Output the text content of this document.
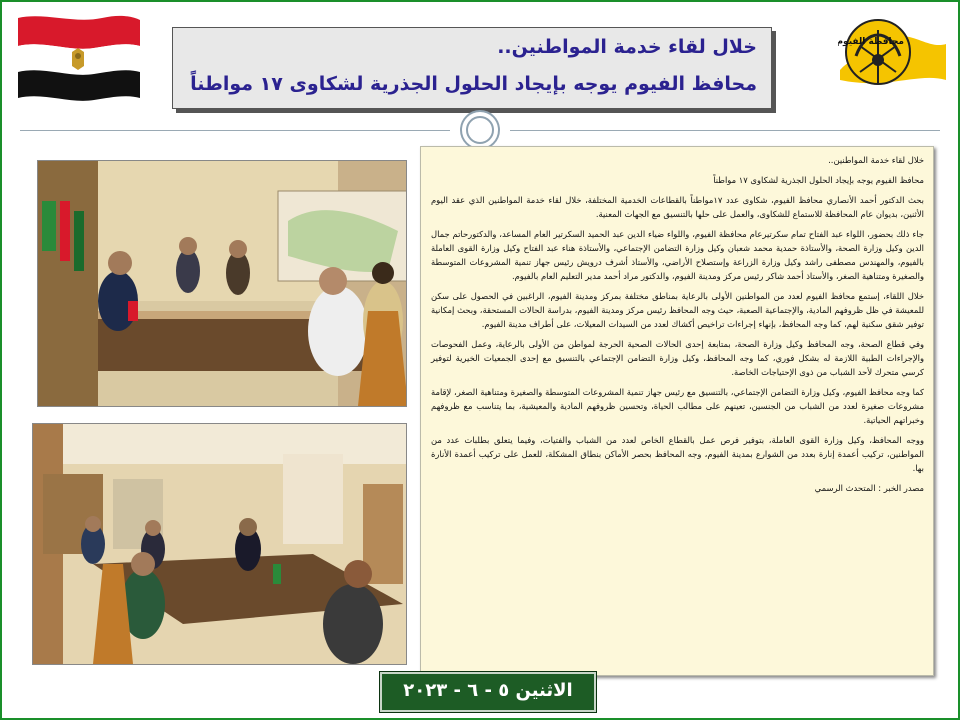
محافظة الفيوم
خلال لقاء خدمة المواطنين..
محافظ الفيوم يوجه بإيجاد الحلول الجذرية لشكاوى ١٧ مواطناً

خلال لقاء خدمة المواطنين..

محافظ الفيوم يوجه بإيجاد الحلول الجذرية لشكاوى ١٧ مواطناً

بحث الدكتور أحمد الأنصاري محافظ الفيوم، شكاوى عدد ١٧مواطناً بالقطاعات الخدمية المختلفة، خلال لقاء خدمة المواطنين الذي عقد اليوم الأثنين، بديوان عام المحافظة للاستماع للشكاوى، والعمل على حلها بالتنسيق مع الجهات المعنية.

جاء ذلك بحضور، اللواء عبد الفتاح تمام سكرتيرعام محافظة الفيوم، واللواء ضياء الدين عبد الحميد السكرتير العام المساعد، والدكتورحاتم جمال الدين وكيل وزارة الصحة، والأستاذة حمدية محمد شعبان وكيل وزارة التضامن الإجتماعي، والأستاذة هناء عبد الفتاح وكيل وزارة القوى العاملة بالفيوم، والمهندس مصطفى راشد وكيل وزارة الزراعة وإستصلاح الأراضي، والأستاذ أشرف درويش رئيس جهاز تنمية المشروعات المتوسطة والصغيرة ومتناهية الصغر، والأستاذ أحمد شاكر رئيس مركز ومدينة الفيوم، والدكتور مراد أحمد مدير التعليم العام بالفيوم.

خلال اللقاء، إستمع محافظ الفيوم لعدد من المواطنين الأولى بالرعاية بمناطق مختلفة بمركز ومدينة الفيوم، الراغبين في الحصول على سكن للمعيشة في ظل ظروفهم المادية، والإجتماعية الصعبة، حيث وجه المحافظ رئيس مركز ومدينة الفيوم، بدراسة الحالات المستحقة، وبحث إمكانية توفير شقق سكنية لهم، كما وجه المحافظ، بإنهاء إجراءات تراخيص أكشاك لعدد من السيدات المعيلات، على أطراف مدينة الفيوم.

وفي قطاع الصحة، وجه المحافظ وكيل وزارة الصحة، بمتابعة إحدى الحالات الصحية الحرجة لمواطن من الأولى بالرعاية، وعمل الفحوصات والإجراءات الطبية اللازمة له بشكل فوري، كما وجه المحافظ، وكيل وزارة التضامن الإجتماعي بالتنسيق مع إحدى الجمعيات الخيرية لتوفير كرسي متحرك لأحد الشباب من ذوى الإحتياجات الخاصة.

كما وجه محافظ الفيوم، وكيل وزارة التضامن الإجتماعي، بالتنسيق مع رئيس جهاز تنمية المشروعات المتوسطة والصغيرة ومتناهية الصغر، لإقامة مشروعات صغيرة لعدد من الشباب من الجنسين، تعينهم على مطالب الحياة، وتحسين ظروفهم المادية والمعيشية، بما يتناسب مع ظروفهم وخبراتهم الحياتية.

ووجه المحافظ، وكيل وزارة القوى العاملة، بتوفير فرص عمل بالقطاع الخاص لعدد من الشباب والفتيات، وفيما يتعلق بطلبات عدد من المواطنين، تركيب أعمدة إنارة بعدد من الشوارع بمدينة الفيوم، وجه المحافظ بحصر الأماكن بنطاق المشكلة، للعمل على تركيب أعمدة الأنارة بها.

مصدر الخبر : المتحدث الرسمي

الاثنين ٥ - ٦ - ٢٠٢٣
